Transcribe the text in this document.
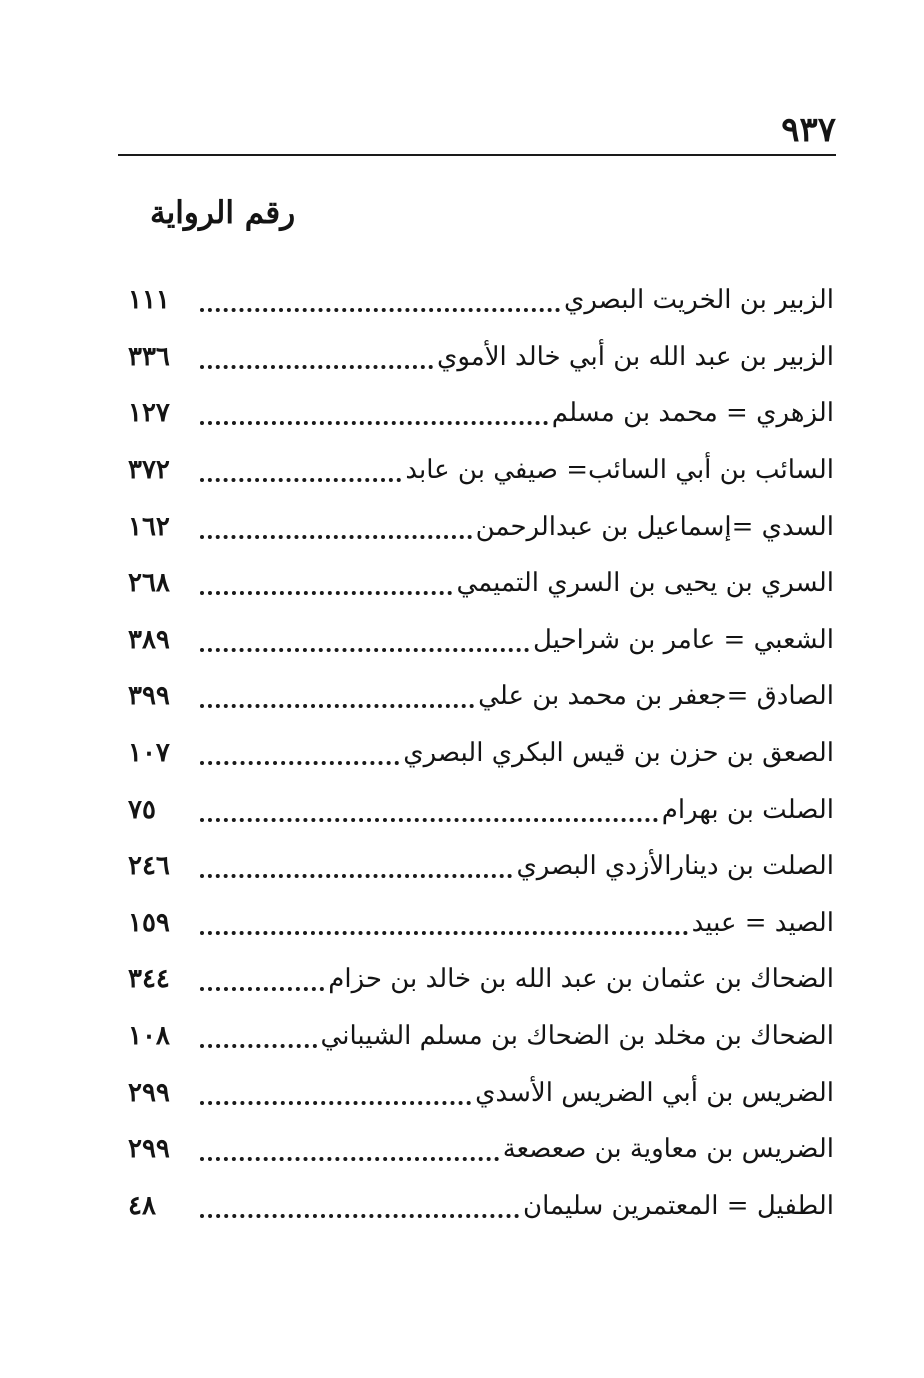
٩٣٧
رقم الرواية
الزبير بن الخريت البصري
١١١
الزبير بن عبد الله بن أبي خالد الأموي
٣٣٦
الزهري = محمد بن مسلم
١٢٧
السائب بن أبي السائب= صيفي بن عابد
٣٧٢
السدي =إسماعيل بن عبدالرحمن
١٦٢
السري بن يحيى بن السري التميمي
٢٦٨
الشعبي = عامر بن شراحيل
٣٨٩
الصادق =جعفر بن محمد بن علي
٣٩٩
الصعق بن حزن بن قيس البكري البصري
١٠٧
الصلت بن بهرام
٧٥
الصلت بن دينارالأزدي البصري
٢٤٦
الصيد = عبيد
١٥٩
الضحاك بن عثمان بن عبد الله بن خالد بن حزام
٣٤٤
الضحاك بن مخلد بن الضحاك بن مسلم الشيباني
١٠٨
الضريس بن أبي الضريس الأسدي
٢٩٩
الضريس بن معاوية بن صعصعة
٢٩٩
الطفيل = المعتمرين سليمان
٤٨
